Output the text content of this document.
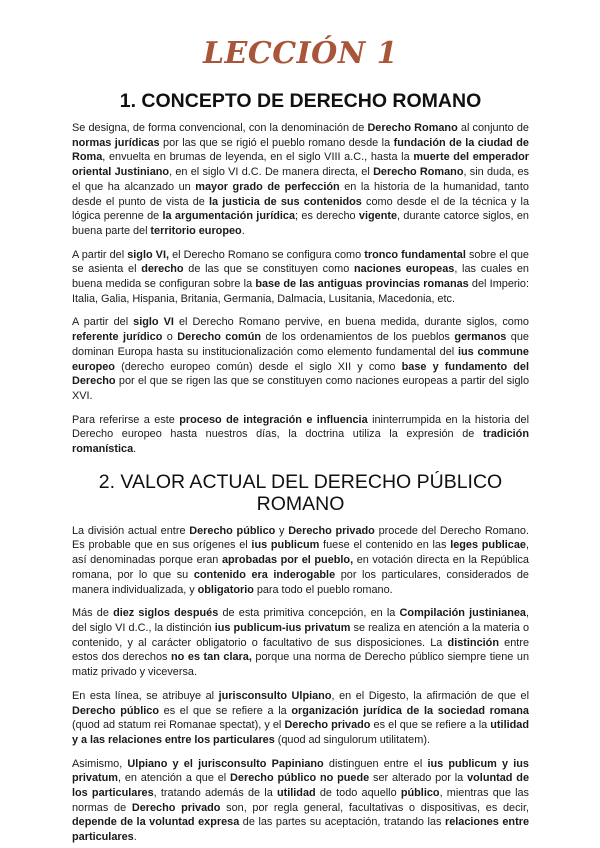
LECCIÓN 1
1. CONCEPTO DE DERECHO ROMANO

Se designa, de forma convencional, con la denominación de Derecho Romano al conjunto de normas jurídicas por las que se rigió el pueblo romano desde la fundación de la ciudad de Roma, envuelta en brumas de leyenda, en el siglo VIII a.C., hasta la muerte del emperador oriental Justiniano, en el siglo VI d.C. De manera directa, el Derecho Romano, sin duda, es el que ha alcanzado un mayor grado de perfección en la historia de la humanidad, tanto desde el punto de vista de la justicia de sus contenidos como desde el de la técnica y la lógica perenne de la argumentación jurídica; es derecho vigente, durante catorce siglos, en buena parte del territorio europeo.

A partir del siglo VI, el Derecho Romano se configura como tronco fundamental sobre el que se asienta el derecho de las que se constituyen como naciones europeas, las cuales en buena medida se configuran sobre la base de las antiguas provincias romanas del Imperio: Italia, Galia, Hispania, Britania, Germania, Dalmacia, Lusitania, Macedonia, etc.

A partir del siglo VI el Derecho Romano pervive, en buena medida, durante siglos, como referente jurídico o Derecho común de los ordenamientos de los pueblos germanos que dominan Europa hasta su institucionalización como elemento fundamental del ius commune europeo (derecho europeo común) desde el siglo XII y como base y fundamento del Derecho por el que se rigen las que se constituyen como naciones europeas a partir del siglo XVI.

Para referirse a este proceso de integración e influencia ininterrumpida en la historia del Derecho europeo hasta nuestros días, la doctrina utiliza la expresión de tradición romanística.

2. VALOR ACTUAL DEL DERECHO PÚBLICO ROMANO

La división actual entre Derecho público y Derecho privado procede del Derecho Romano. Es probable que en sus orígenes el ius publicum fuese el contenido en las leges publicae, así denominadas porque eran aprobadas por el pueblo, en votación directa en la República romana, por lo que su contenido era inderogable por los particulares, considerados de manera individualizada, y obligatorio para todo el pueblo romano.

Más de diez siglos después de esta primitiva concepción, en la Compilación justinianea, del siglo VI d.C., la distinción ius publicum-ius privatum se realiza en atención a la materia o contenido, y al carácter obligatorio o facultativo de sus disposiciones. La distinción entre estos dos derechos no es tan clara, porque una norma de Derecho público siempre tiene un matiz privado y viceversa.

En esta línea, se atribuye al jurisconsulto Ulpiano, en el Digesto, la afirmación de que el Derecho público es el que se refiere a la organización jurídica de la sociedad romana (quod ad statum rei Romanae spectat), y el Derecho privado es el que se refiere a la utilidad y a las relaciones entre los particulares (quod ad singulorum utilitatem).

Asimismo, Ulpiano y el jurisconsulto Papiniano distinguen entre el ius publicum y ius privatum, en atención a que el Derecho público no puede ser alterado por la voluntad de los particulares, tratando además de la utilidad de todo aquello público, mientras que las normas de Derecho privado son, por regla general, facultativas o dispositivas, es decir, depende de la voluntad expresa de las partes su aceptación, tratando las relaciones entre particulares.
